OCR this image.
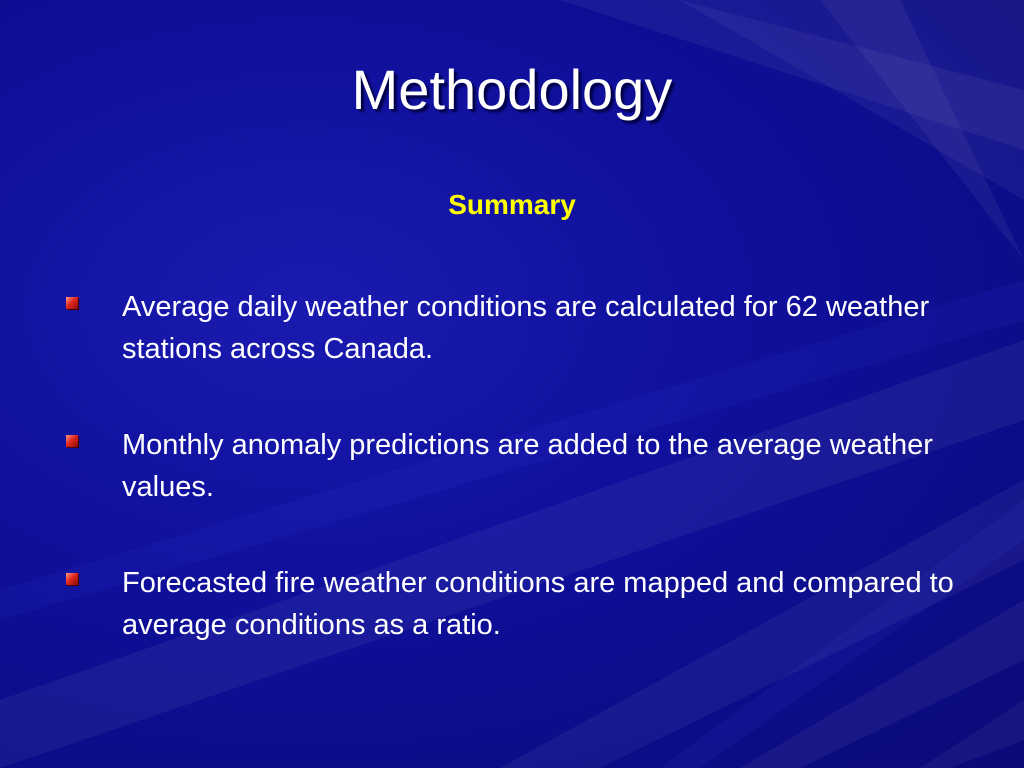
Methodology
Summary
Average daily weather conditions are calculated for 62 weather stations across Canada.
Monthly anomaly predictions are added to the average weather values.
Forecasted fire weather conditions are mapped and compared to average conditions as a ratio.
